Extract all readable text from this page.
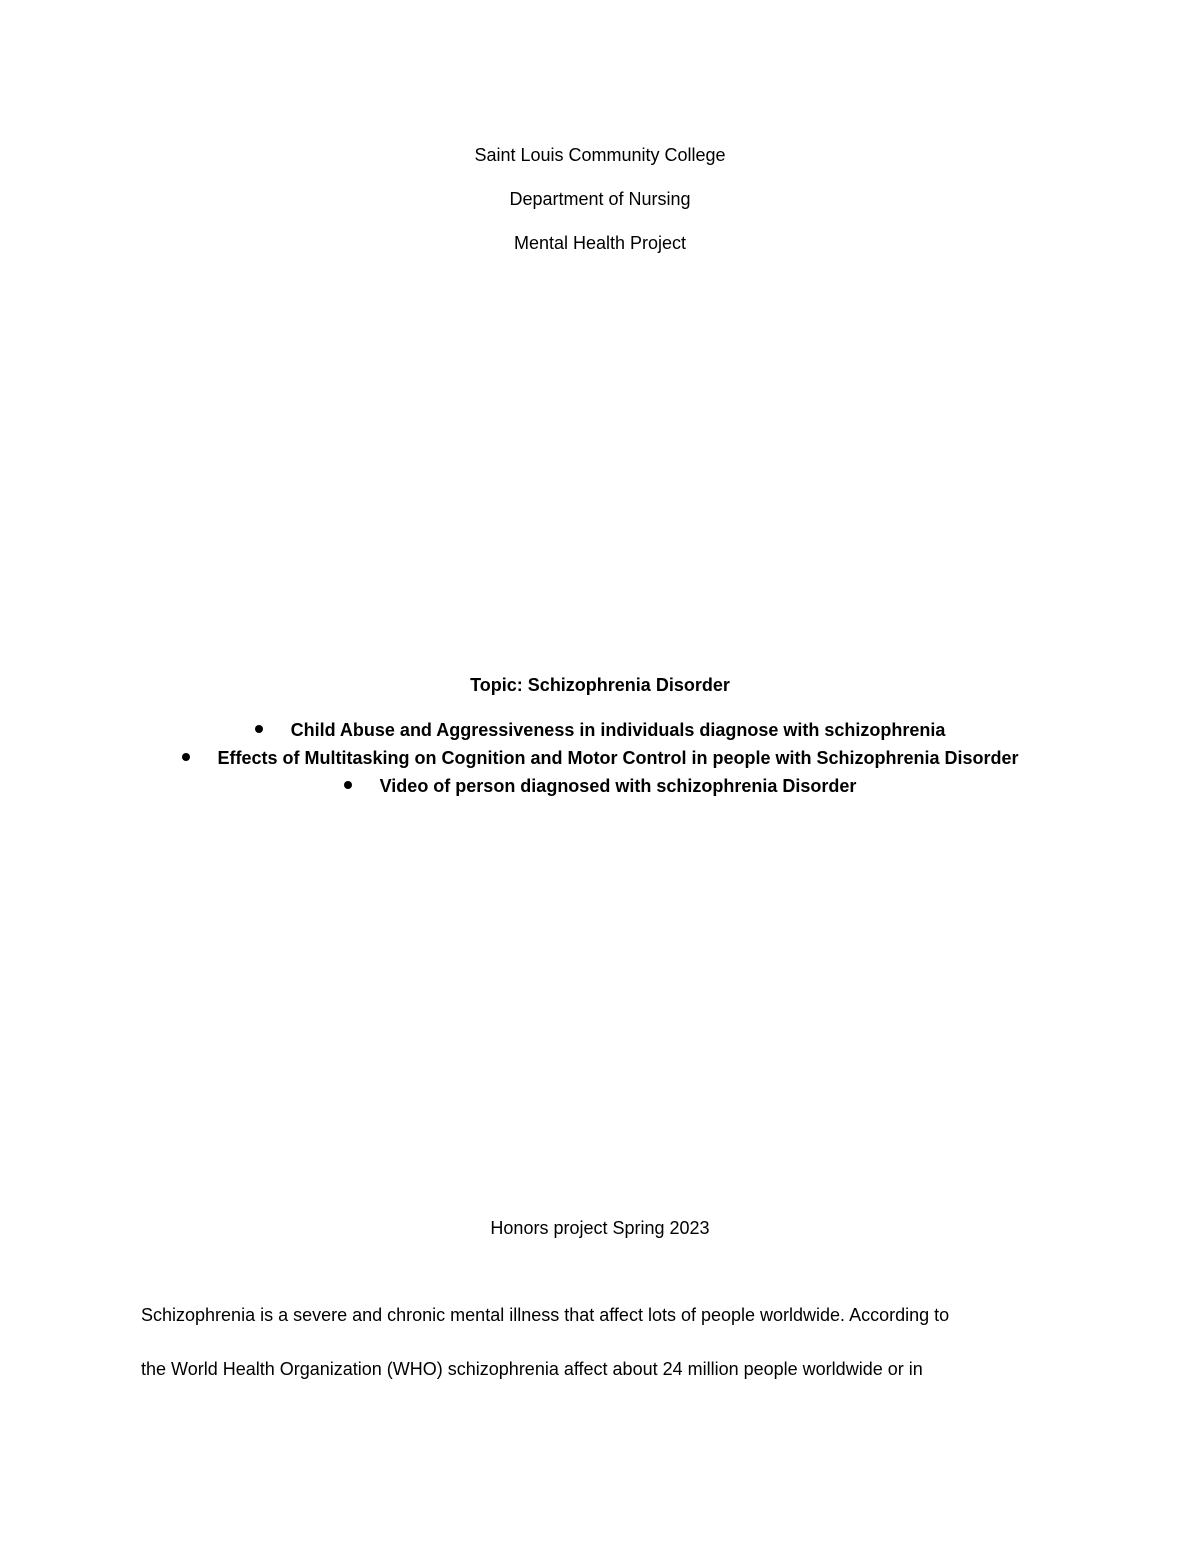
Saint Louis Community College
Department of Nursing
Mental Health Project
Topic: Schizophrenia Disorder
Child Abuse and Aggressiveness in individuals diagnose with schizophrenia
Effects of Multitasking on Cognition and Motor Control in people with Schizophrenia Disorder
Video of person diagnosed with schizophrenia Disorder
Honors project Spring 2023
Schizophrenia is a severe and chronic mental illness that affect lots of people worldwide. According to
the World Health Organization (WHO) schizophrenia affect about 24 million people worldwide or in
